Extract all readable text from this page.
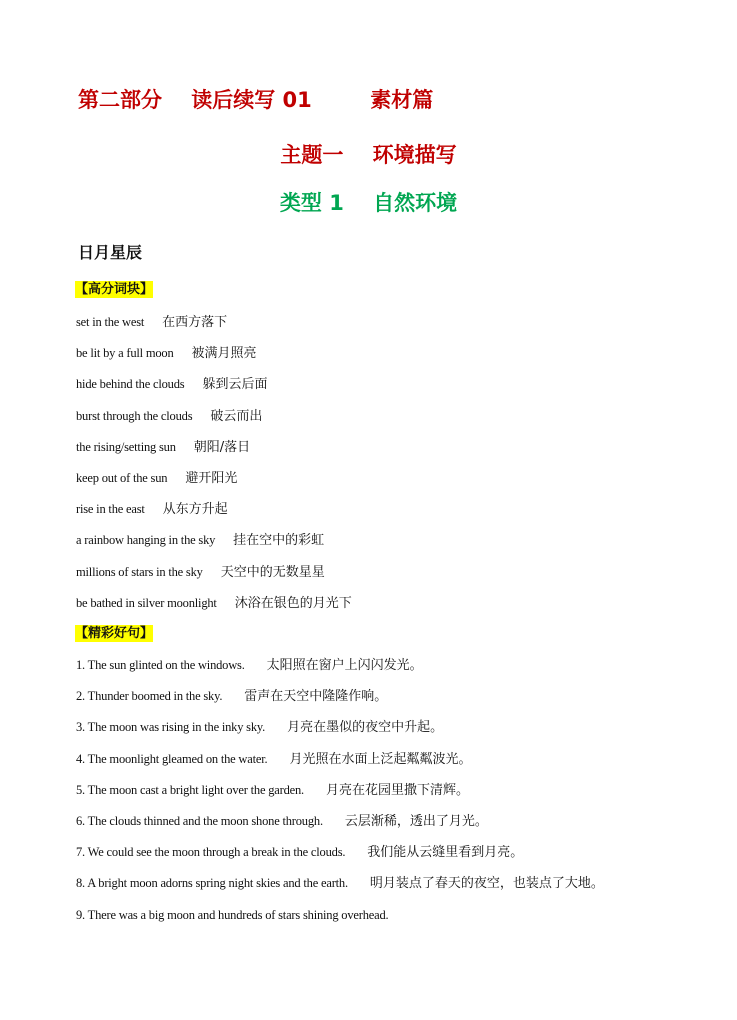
第二部分    读后续写 01        素材篇
主题一    环境描写
类型 1    自然环境
日月星辰
【高分词块】
set in the west 在西方落下
be lit by a full moon 被满月照亮
hide behind the clouds 躲到云后面
burst through the clouds 破云而出
the rising/setting sun 朝阳/落日
keep out of the sun 避开阳光
rise in the east 从东方升起
a rainbow hanging in the sky 挂在空中的彩虹
millions of stars in the sky 天空中的无数星星
be bathed in silver moonlight 沐浴在银色的月光下
【精彩好句】
1. The sun glinted on the windows. 太阳照在窗户上闪闪发光。
2. Thunder boomed in the sky. 雷声在天空中隆隆作响。
3. The moon was rising in the inky sky. 月亮在墨似的夜空中升起。
4. The moonlight gleamed on the water. 月光照在水面上泛起粼粼波光。
5. The moon cast a bright light over the garden. 月亮在花园里撒下清辉。
6. The clouds thinned and the moon shone through. 云层渐稀，透出了月光。
7. We could see the moon through a break in the clouds. 我们能从云缝里看到月亮。
8. A bright moon adorns spring night skies and the earth. 明月装点了春天的夜空，也装点了大地。
9. There was a big moon and hundreds of stars shining overhead.
